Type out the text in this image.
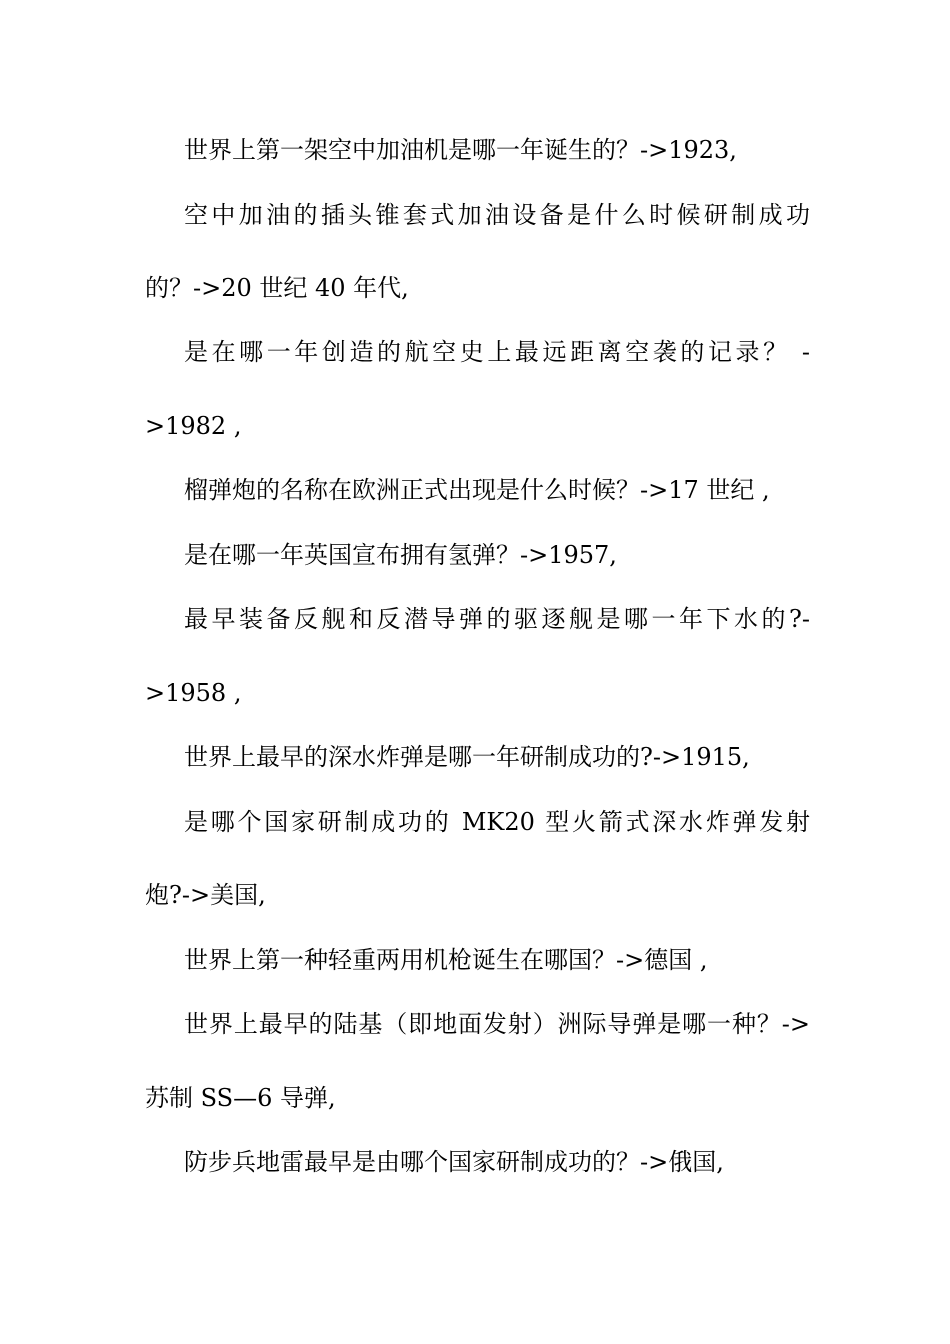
世界上第一架空中加油机是哪一年诞生的？->1923,
空中加油的插头锥套式加油设备是什么时候研制成功
的？->20 世纪 40 年代,
是在哪一年创造的航空史上最远距离空袭的记录？ -
>1982 ,
榴弹炮的名称在欧洲正式出现是什么时候？->17 世纪 ,
是在哪一年英国宣布拥有氢弹？->1957,
最早装备反舰和反潜导弹的驱逐舰是哪一年下水的?-
>1958 ,
世界上最早的深水炸弹是哪一年研制成功的?->1915,
是哪个国家研制成功的 MK20 型火箭式深水炸弹发射
炮?->美国,
世界上第一种轻重两用机枪诞生在哪国？->德国 ,
世界上最早的陆基（即地面发射）洲际导弹是哪一种？->
苏制 SS—6 导弹,
防步兵地雷最早是由哪个国家研制成功的？->俄国,
